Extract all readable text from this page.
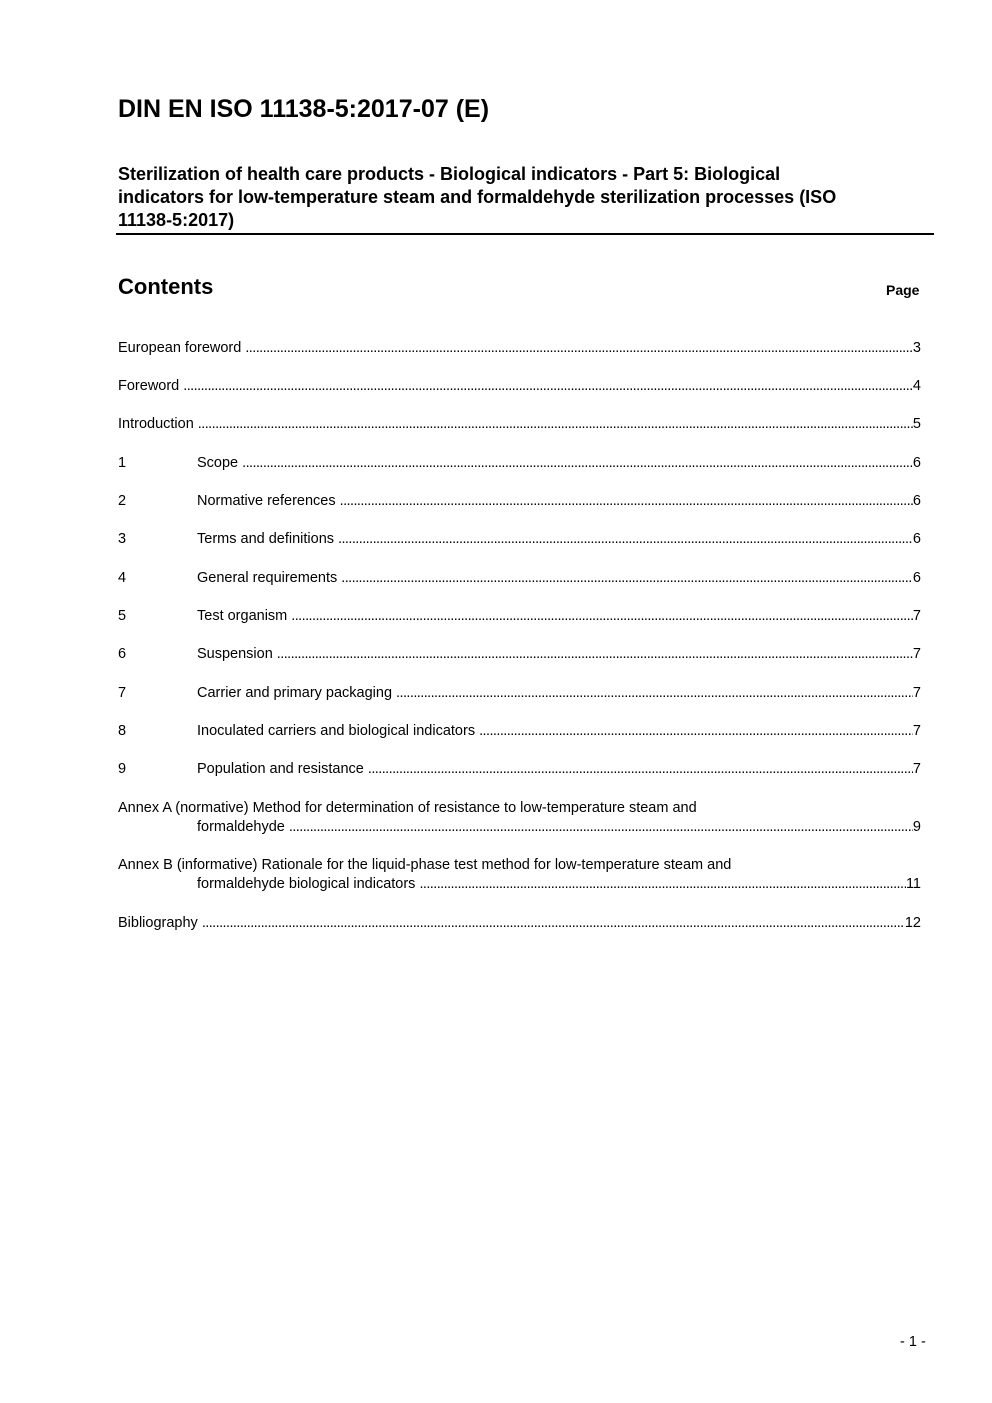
DIN EN ISO 11138-5:2017-07 (E)
Sterilization of health care products - Biological indicators - Part 5: Biological
indicators for low-temperature steam and formaldehyde sterilization processes (ISO
11138-5:2017)
Contents	Page
European foreword . . .	3
Foreword . . .	4
Introduction . . .	5
1	Scope . . .	6
2	Normative references . . .	6
3	Terms and definitions . . .	6
4	General requirements . . .	6
5	Test organism . . .	7
6	Suspension . . .	7
7	Carrier and primary packaging . . .	7
8	Inoculated carriers and biological indicators . . .	7
9	Population and resistance . . .	7
Annex A (normative) Method for determination of resistance to low-temperature steam and
formaldehyde . . .	9
Annex B (informative) Rationale for the liquid-phase test method for low-temperature steam and
formaldehyde biological indicators . . .	11
Bibliography . . .	12
- 1 -
